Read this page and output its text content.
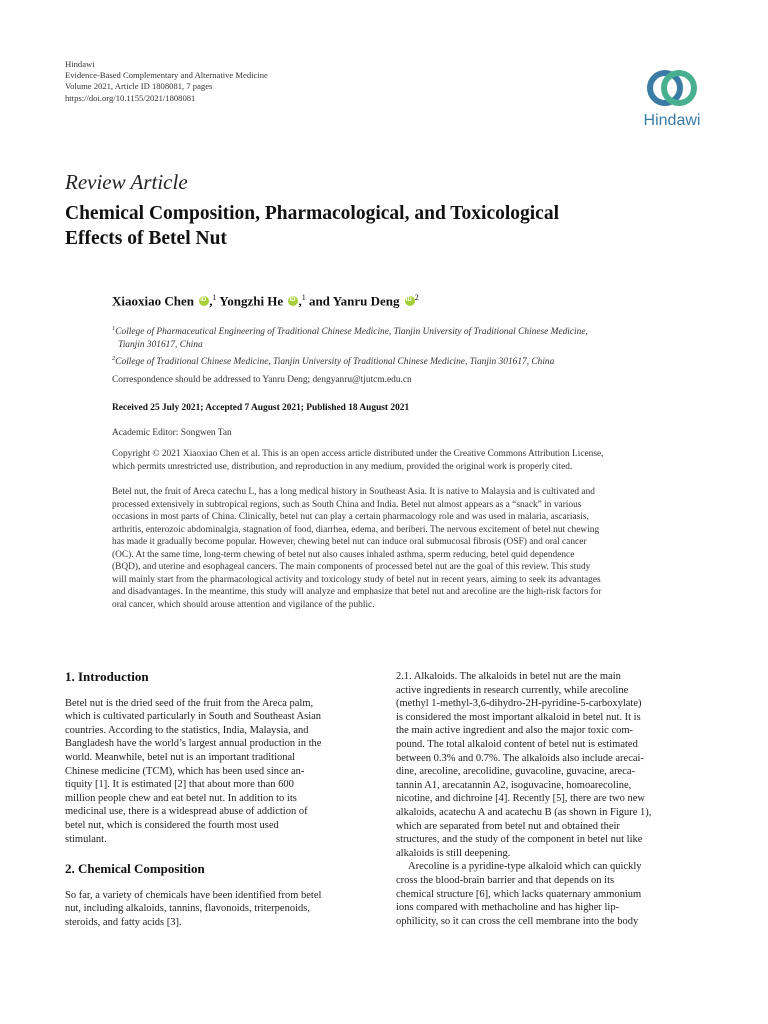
Hindawi
Evidence-Based Complementary and Alternative Medicine
Volume 2021, Article ID 1808081, 7 pages
https://doi.org/10.1155/2021/1808081
Hindawi
Review Article
Chemical Composition, Pharmacological, and Toxicological
Effects of Betel Nut
Xiaoxiao Chen iD ,$^1$ Yongzhi He iD ,$^1$ and Yanru Deng iD $^2$
$^1$College of Pharmaceutical Engineering of Traditional Chinese Medicine, Tianjin University of Traditional Chinese Medicine,
Tianjin 301617, China
$^2$College of Traditional Chinese Medicine, Tianjin University of Traditional Chinese Medicine, Tianjin 301617, China
Correspondence should be addressed to Yanru Deng; dengyanru@tjutcm.edu.cn
Received 25 July 2021; Accepted 7 August 2021; Published 18 August 2021
Academic Editor: Songwen Tan
Copyright © 2021 Xiaoxiao Chen et al. This is an open access article distributed under the Creative Commons Attribution License,
which permits unrestricted use, distribution, and reproduction in any medium, provided the original work is properly cited.
Betel nut, the fruit of Areca catechu L, has a long medical history in Southeast Asia. It is native to Malaysia and is cultivated and
processed extensively in subtropical regions, such as South China and India. Betel nut almost appears as a “snack” in various
occasions in most parts of China. Clinically, betel nut can play a certain pharmacology role and was used in malaria, ascariasis,
arthritis, enterozoic abdominalgia, stagnation of food, diarrhea, edema, and beriberi. The nervous excitement of betel nut chewing
has made it gradually become popular. However, chewing betel nut can induce oral submucosal fibrosis (OSF) and oral cancer
(OC). At the same time, long-term chewing of betel nut also causes inhaled asthma, sperm reducing, betel quid dependence
(BQD), and uterine and esophageal cancers. The main components of processed betel nut are the goal of this review. This study
will mainly start from the pharmacological activity and toxicology study of betel nut in recent years, aiming to seek its advantages
and disadvantages. In the meantime, this study will analyze and emphasize that betel nut and arecoline are the high-risk factors for
oral cancer, which should arouse attention and vigilance of the public.
1. Introduction
Betel nut is the dried seed of the fruit from the Areca palm,
which is cultivated particularly in South and Southeast Asian
countries. According to the statistics, India, Malaysia, and
Bangladesh have the world’s largest annual production in the
world. Meanwhile, betel nut is an important traditional
Chinese medicine (TCM), which has been used since an-
tiquity [1]. It is estimated [2] that about more than 600
million people chew and eat betel nut. In addition to its
medicinal use, there is a widespread abuse of addiction of
betel nut, which is considered the fourth most used
stimulant.
2. Chemical Composition
So far, a variety of chemicals have been identified from betel
nut, including alkaloids, tannins, flavonoids, triterpenoids,
steroids, and fatty acids [3].
2.1. Alkaloids. The alkaloids in betel nut are the main
active ingredients in research currently, while arecoline
(methyl 1-methyl-3,6-dihydro-2H-pyridine-5-carboxylate)
is considered the most important alkaloid in betel nut. It is
the main active ingredient and also the major toxic com-
pound. The total alkaloid content of betel nut is estimated
between 0.3% and 0.7%. The alkaloids also include arecai-
dine, arecoline, arecolidine, guvacoline, guvacine, areca-
tannin A1, arecatannin A2, isoguvacine, homoarecoline,
nicotine, and dichroine [4]. Recently [5], there are two new
alkaloids, acatechu A and acatechu B (as shown in Figure 1),
which are separated from betel nut and obtained their
structures, and the study of the component in betel nut like
alkaloids is still deepening.
Arecoline is a pyridine-type alkaloid which can quickly
cross the blood-brain barrier and that depends on its
chemical structure [6], which lacks quaternary ammonium
ions compared with methacholine and has higher lip-
ophilicity, so it can cross the cell membrane into the body
